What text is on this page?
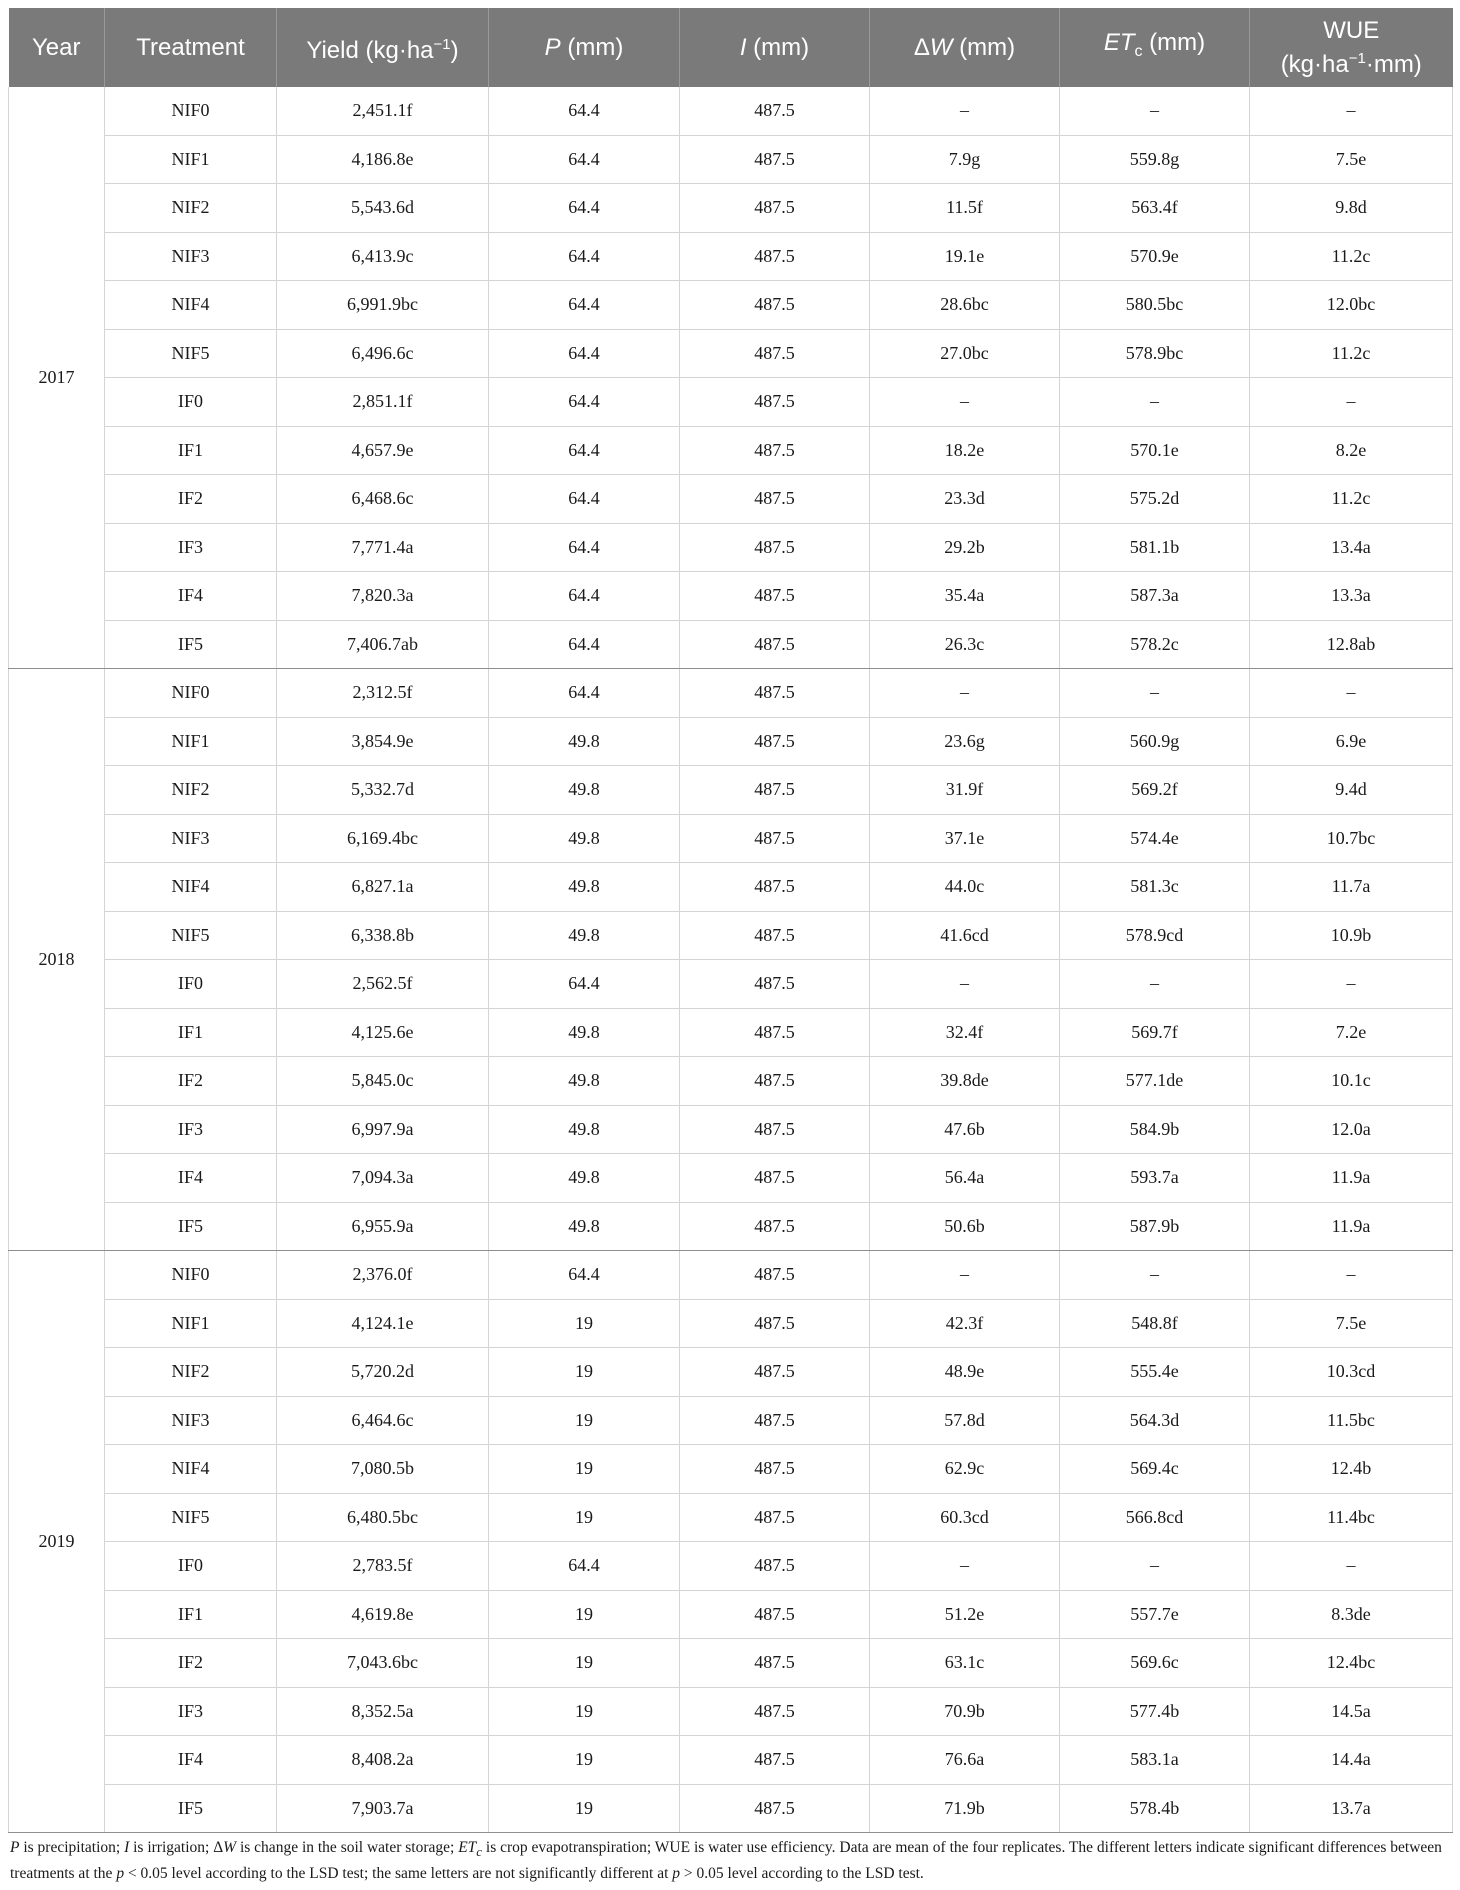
Year	Treatment	Yield $(kg\cdot ha^{-1})$	P (mm)	I (mm)	ΔW (mm)	$ET_c$ (mm)	WUE
$(kg\cdot ha^{-1}\cdot mm)$
2017	NIF0	2,451.1f	64.4	487.5	–	–	–
	NIF1	4,186.8e	64.4	487.5	7.9g	559.8g	7.5e
	NIF2	5,543.6d	64.4	487.5	11.5f	563.4f	9.8d
	NIF3	6,413.9c	64.4	487.5	19.1e	570.9e	11.2c
	NIF4	6,991.9bc	64.4	487.5	28.6bc	580.5bc	12.0bc
	NIF5	6,496.6c	64.4	487.5	27.0bc	578.9bc	11.2c
	IF0	2,851.1f	64.4	487.5	–	–	–
	IF1	4,657.9e	64.4	487.5	18.2e	570.1e	8.2e
	IF2	6,468.6c	64.4	487.5	23.3d	575.2d	11.2c
	IF3	7,771.4a	64.4	487.5	29.2b	581.1b	13.4a
	IF4	7,820.3a	64.4	487.5	35.4a	587.3a	13.3a
	IF5	7,406.7ab	64.4	487.5	26.3c	578.2c	12.8ab
2018	NIF0	2,312.5f	64.4	487.5	–	–	–
	NIF1	3,854.9e	49.8	487.5	23.6g	560.9g	6.9e
	NIF2	5,332.7d	49.8	487.5	31.9f	569.2f	9.4d
	NIF3	6,169.4bc	49.8	487.5	37.1e	574.4e	10.7bc
	NIF4	6,827.1a	49.8	487.5	44.0c	581.3c	11.7a
	NIF5	6,338.8b	49.8	487.5	41.6cd	578.9cd	10.9b
	IF0	2,562.5f	64.4	487.5	–	–	–
	IF1	4,125.6e	49.8	487.5	32.4f	569.7f	7.2e
	IF2	5,845.0c	49.8	487.5	39.8de	577.1de	10.1c
	IF3	6,997.9a	49.8	487.5	47.6b	584.9b	12.0a
	IF4	7,094.3a	49.8	487.5	56.4a	593.7a	11.9a
	IF5	6,955.9a	49.8	487.5	50.6b	587.9b	11.9a
2019	NIF0	2,376.0f	64.4	487.5	–	–	–
	NIF1	4,124.1e	19	487.5	42.3f	548.8f	7.5e
	NIF2	5,720.2d	19	487.5	48.9e	555.4e	10.3cd
	NIF3	6,464.6c	19	487.5	57.8d	564.3d	11.5bc
	NIF4	7,080.5b	19	487.5	62.9c	569.4c	12.4b
	NIF5	6,480.5bc	19	487.5	60.3cd	566.8cd	11.4bc
	IF0	2,783.5f	64.4	487.5	–	–	–
	IF1	4,619.8e	19	487.5	51.2e	557.7e	8.3de
	IF2	7,043.6bc	19	487.5	63.1c	569.6c	12.4bc
	IF3	8,352.5a	19	487.5	70.9b	577.4b	14.5a
	IF4	8,408.2a	19	487.5	76.6a	583.1a	14.4a
	IF5	7,903.7a	19	487.5	71.9b	578.4b	13.7a
P is precipitation; I is irrigation; ΔW is change in the soil water storage; $ET_c$ is crop evapotranspiration; WUE is water use efficiency. Data are mean of the four replicates. The different letters indicate significant differences between treatments at the p < 0.05 level according to the LSD test; the same letters are not significantly different at p > 0.05 level according to the LSD test.
